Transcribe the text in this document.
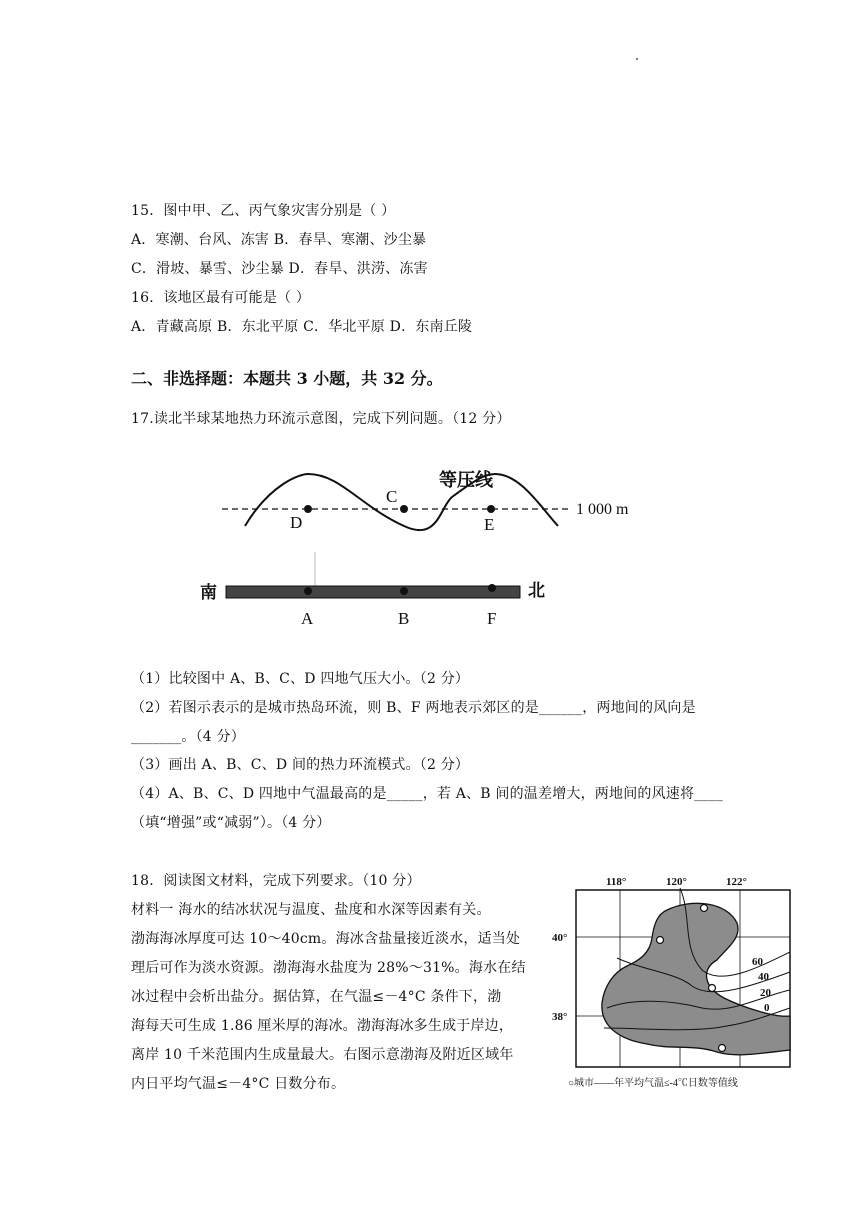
15．图中甲、乙、丙气象灾害分别是（ ）
A．寒潮、台风、冻害 B．春旱、寒潮、沙尘暴
C．滑坡、暴雪、沙尘暴 D．春旱、洪涝、冻害
16．该地区最有可能是（ ）
A．青藏高原 B．东北平原 C．华北平原 D．东南丘陵
二、非选择题：本题共 3 小题，共 32 分。
17.读北半球某地热力环流示意图，完成下列问题。（12 分）
等压线
1 000 m
D
C
E
南	北
A	B	F
（1）比较图中 A、B、C、D 四地气压大小。（2 分）
（2）若图示表示的是城市热岛环流，则 B、F 两地表示郊区的是______，两地间的风向是
_______。（4 分）
（3）画出 A、B、C、D 间的热力环流模式。（2 分）
（4）A、B、C、D 四地中气温最高的是_____，若 A、B 间的温差增大，两地间的风速将____
（填“增强”或“减弱”）。（4 分）
18．阅读图文材料，完成下列要求。（10 分）
材料一 海水的结冰状况与温度、盐度和水深等因素有关。
渤海海冰厚度可达 10～40cm。海冰含盐量接近淡水，适当处
理后可作为淡水资源。渤海海水盐度为 28%～31%。海水在结
冰过程中会析出盐分。据估算，在气温≤－4°C 条件下，渤
海每天可生成 1.86 厘米厚的海冰。渤海海冰多生成于岸边，
离岸 10 千米范围内生成量最大。右图示意渤海及附近区域年
内日平均气温≤－4°C 日数分布。
118°	120°	122°
40°
38°
60
40
20
0
○城市——年平均气温≤-4℃日数等值线
